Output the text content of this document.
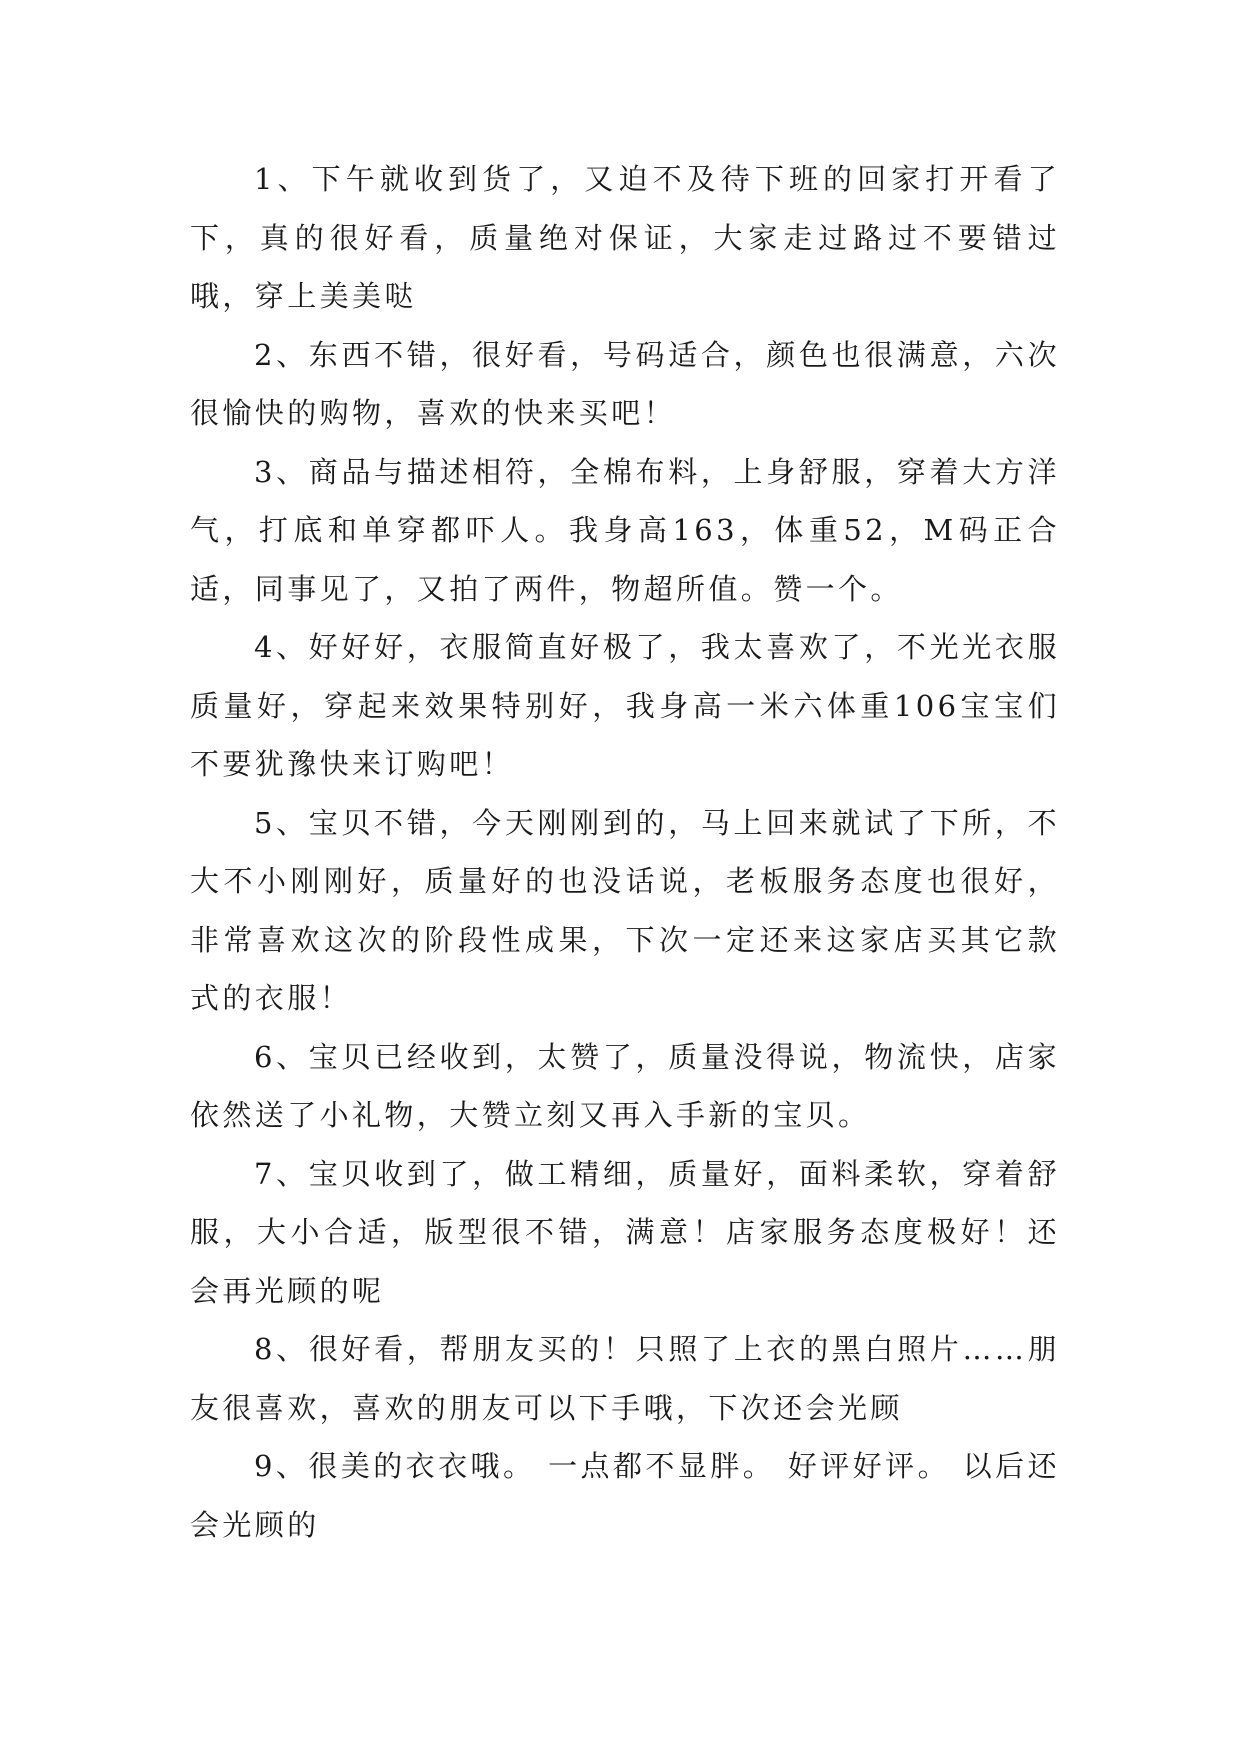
1、下午就收到货了，又迫不及待下班的回家打开看了下，真的很好看，质量绝对保证，大家走过路过不要错过哦，穿上美美哒

2、东西不错，很好看，号码适合，颜色也很满意，六次很愉快的购物，喜欢的快来买吧！

3、商品与描述相符，全棉布料，上身舒服，穿着大方洋气，打底和单穿都吓人。我身高163，体重52，M码正合适，同事见了，又拍了两件，物超所值。赞一个。

4、好好好，衣服简直好极了，我太喜欢了，不光光衣服质量好，穿起来效果特别好，我身高一米六体重106宝宝们不要犹豫快来订购吧！

5、宝贝不错，今天刚刚到的，马上回来就试了下所，不大不小刚刚好，质量好的也没话说，老板服务态度也很好，非常喜欢这次的阶段性成果，下次一定还来这家店买其它款式的衣服！

6、宝贝已经收到，太赞了，质量没得说，物流快，店家依然送了小礼物，大赞立刻又再入手新的宝贝。

7、宝贝收到了，做工精细，质量好，面料柔软，穿着舒服，大小合适，版型很不错，满意！店家服务态度极好！还会再光顾的呢

8、很好看，帮朋友买的！只照了上衣的黑白照片……朋友很喜欢，喜欢的朋友可以下手哦，下次还会光顾

9、很美的衣衣哦。 一点都不显胖。 好评好评。 以后还会光顾的
